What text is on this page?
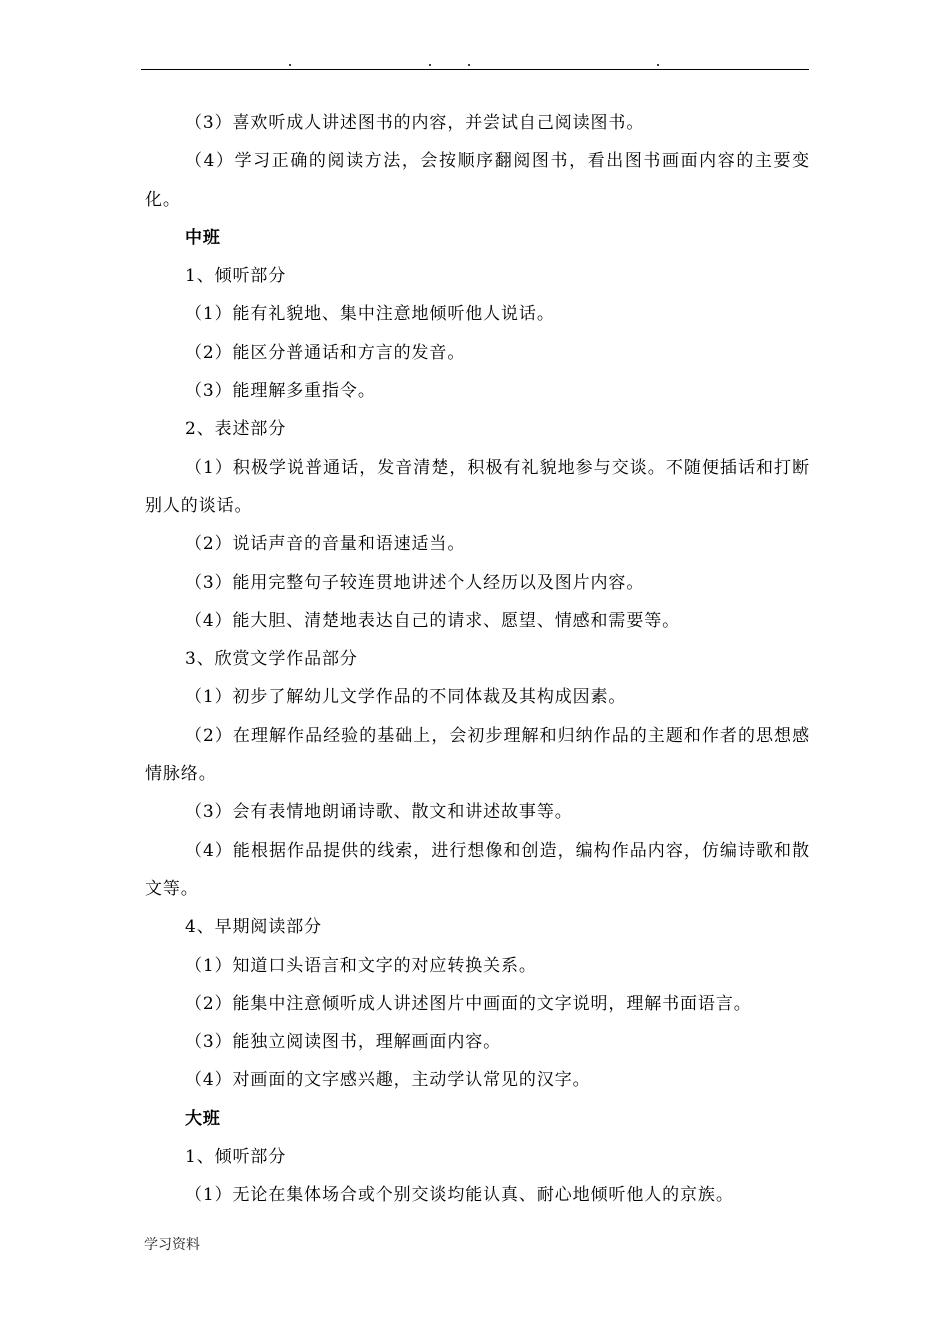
（3）喜欢听成人讲述图书的内容，并尝试自己阅读图书。

（4）学习正确的阅读方法，会按顺序翻阅图书，看出图书画面内容的主要变化。

中班

1、倾听部分

（1）能有礼貌地、集中注意地倾听他人说话。

（2）能区分普通话和方言的发音。

（3）能理解多重指令。

2、表述部分

（1）积极学说普通话，发音清楚，积极有礼貌地参与交谈。不随便插话和打断别人的谈话。

（2）说话声音的音量和语速适当。

（3）能用完整句子较连贯地讲述个人经历以及图片内容。

（4）能大胆、清楚地表达自己的请求、愿望、情感和需要等。

3、欣赏文学作品部分

（1）初步了解幼儿文学作品的不同体裁及其构成因素。

（2）在理解作品经验的基础上，会初步理解和归纳作品的主题和作者的思想感情脉络。

（3）会有表情地朗诵诗歌、散文和讲述故事等。

（4）能根据作品提供的线索，进行想像和创造，编构作品内容，仿编诗歌和散文等。

4、早期阅读部分

（1）知道口头语言和文字的对应转换关系。

（2）能集中注意倾听成人讲述图片中画面的文字说明，理解书面语言。

（3）能独立阅读图书，理解画面内容。

（4）对画面的文字感兴趣，主动学认常见的汉字。

大班

1、倾听部分

（1）无论在集体场合或个别交谈均能认真、耐心地倾听他人的京族。

学习资料
